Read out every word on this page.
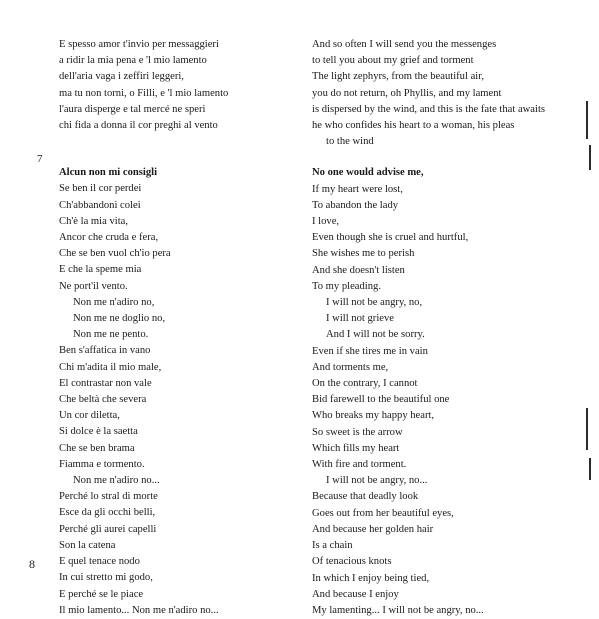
E spesso amor t'invio per messaggieri
a ridir la mia pena e 'l mio lamento
dell'aria vaga i zeffiri leggeri,
ma tu non torni, o Filli, e 'l mio lamento
l'aura disperge e tal mercé ne speri
chi fida a donna il cor preghi al vento
Alcun non mi consigli
Se ben il cor perdei
Ch'abbandoni colei
Ch'è la mia vita,
Ancor che cruda e fera,
Che se ben vuol ch'io pera
E che la speme mia
Ne port'il vento.
Non me n'adiro no,
Non me ne doglio no,
Non me ne pento.
Ben s'affatica in vano
Chi m'adita il mio male,
El contrastar non vale
Che beltà che severa
Un cor diletta,
Si dolce è la saetta
Che se ben brama
Fiamma e tormento.
Non me n'adiro no...
Perché lo stral di morte
Esce da gli occhi belli,
Perché gli aurei capelli
Son la catena
E quel tenace nodo
In cui stretto mi godo,
E perché se le piace
Il mio lamento... Non me n'adiro no...
7
And so often I will send you the messenges
to tell you about my grief and torment
The light zephyrs, from the beautiful air,
you do not return, oh Phyllis, and my lament
is dispersed by the wind, and this is the fate that awaits
he who confides his heart to a woman, his pleas
to the wind
No one would advise me,
If my heart were lost,
To abandon the lady
I love,
Even though she is cruel and hurtful,
She wishes me to perish
And she doesn't listen
To my pleading.
I will not be angry, no,
I will not grieve
And I will not be sorry.
Even if she tires me in vain
And torments me,
On the contrary, I cannot
Bid farewell to the beautiful one
Who breaks my happy heart,
So sweet is the arrow
Which fills my heart
With fire and torment.
I will not be angry, no...
Because that deadly look
Goes out from her beautiful eyes,
And because her golden hair
Is a chain
Of tenacious knots
In which I enjoy being tied,
And because I enjoy
My lamenting... I will not be angry, no...
8
